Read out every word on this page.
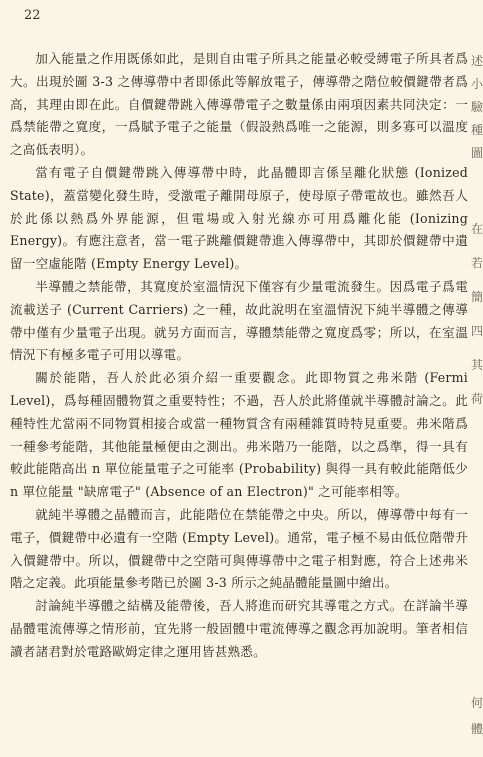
22

加入能量之作用既係如此，是則自由電子所具之能量必較受縛電子所具者爲大。出現於圖 3-3 之傳導帶中者即係此等解放電子，傳導帶之階位較價鍵帶者爲高，其理由即在此。自價鍵帶跳入傳導帶電子之數量係由兩項因素共同決定：一爲禁能帶之寬度，一爲賦予電子之能量（假設熱爲唯一之能源，則多寡可以溫度之高低表明）。

當有電子自價鍵帶跳入傳導帶中時，此晶體即言係呈離化狀態 (Ionized State)，蓋當變化發生時，受激電子離開母原子，使母原子帶電故也。雖然吾人於此係以熱爲外界能源，但電場或入射光線亦可用爲離化能 (Ionizing Energy)。有應注意者，當一電子跳離價鍵帶進入傳導帶中，其即於價鍵帶中遺留一空虛能階 (Empty Energy Level)。

半導體之禁能帶，其寬度於室溫情況下僅容有少量電流發生。因爲電子爲電流載送子 (Current Carriers) 之一種，故此說明在室溫情況下純半導體之傳導帶中僅有少量電子出現。就另方面而言，導體禁能帶之寬度爲零；所以，在室溫情況下有極多電子可用以導電。

關於能階，吾人於此必須介紹一重要觀念。此即物質之弗米階 (Fermi Level)，爲每種固體物質之重要特性；不過，吾人於此將僅就半導體討論之。此種特性尤當兩不同物質相接合或當一種物質含有兩種雜質時特見重要。弗米階爲一種參考能階，其他能量極便由之測出。弗米階乃一能階，以之爲準，得一具有較此能階高出 n 單位能量電子之可能率 (Probability) 與得一具有較此能階低少 n 單位能量 "缺席電子" (Absence of an Electron)" 之可能率相等。

就純半導體之晶體而言，此能階位在禁能帶之中央。所以，傳導帶中每有一電子，價鍵帶中必遺有一空階 (Empty Level)。通常，電子極不易由低位階帶升入價鍵帶中。所以，價鍵帶中之空階可與傳導帶中之電子相對應，符合上述弗米階之定義。此項能量參考階已於圖 3-3 所示之純晶體能量圖中繪出。

討論純半導體之結構及能帶後，吾人將進而研究其導電之方式。在詳論半導晶體電流傳導之情形前，宜先將一般固體中電流傳導之觀念再加說明。筆者相信讀者諸君對於電路歐姆定律之運用皆甚熟悉。

述
小
驗
種
圖
在
若
簡
四
其
荷
何
體
